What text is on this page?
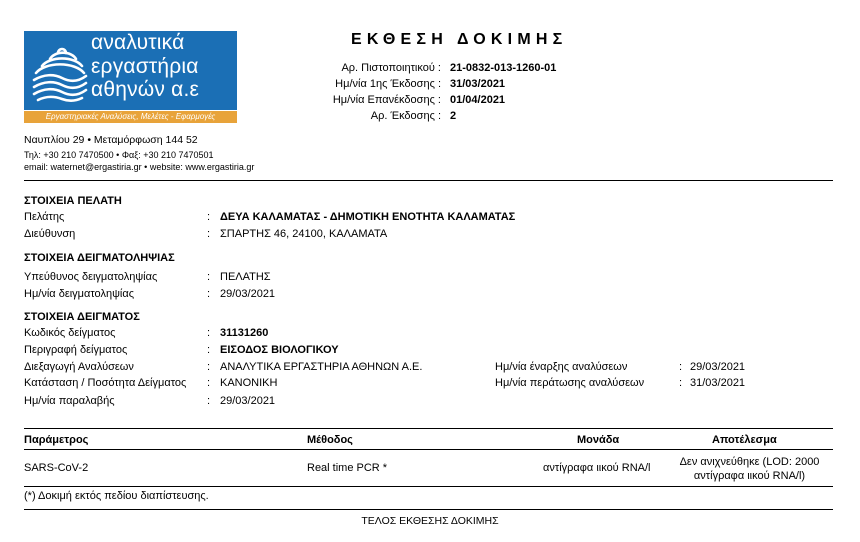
αναλυτικά
εργαστήρια
αθηνών α.ε
Εργαστηριακές Αναλύσεις, Μελέτες - Εφαρμογές
Ναυπλίου 29 • Μεταμόρφωση 144 52
Τηλ: +30 210 7470500 • Φαξ: +30 210 7470501
email: waternet@ergastiria.gr • website: www.ergastiria.gr
ΕΚΘΕΣΗ ΔΟΚΙΜΗΣ
Αρ. Πιστοποιητικού : 21-0832-013-1260-01
Ημ/νία 1ης Έκδοσης : 31/03/2021
Ημ/νία Επανέκδοσης : 01/04/2021
Αρ. Έκδοσης : 2
ΣΤΟΙΧΕΙΑ ΠΕΛΑΤΗ
Πελάτης	: ΔΕΥΑ ΚΑΛΑΜΑΤΑΣ - ΔΗΜΟΤΙΚΗ ΕΝΟΤΗΤΑ ΚΑΛΑΜΑΤΑΣ
Διεύθυνση	: ΣΠΑΡΤΗΣ 46, 24100, ΚΑΛΑΜΑΤΑ
ΣΤΟΙΧΕΙΑ ΔΕΙΓΜΑΤΟΛΗΨΙΑΣ
Υπεύθυνος δειγματοληψίας	: ΠΕΛΑΤΗΣ
Ημ/νία δειγματοληψίας	: 29/03/2021
ΣΤΟΙΧΕΙΑ ΔΕΙΓΜΑΤΟΣ
Κωδικός δείγματος	: 31131260
Περιγραφή δείγματος	: ΕΙΣΟΔΟΣ ΒΙΟΛΟΓΙΚΟΥ
Διεξαγωγή Αναλύσεων	: ΑΝΑΛΥΤΙΚΑ ΕΡΓΑΣΤΗΡΙΑ ΑΘΗΝΩΝ Α.Ε.
Κατάσταση / Ποσότητα Δείγματος : ΚΑΝΟΝΙΚΗ
Ημ/νία παραλαβής	: 29/03/2021
Ημ/νία έναρξης αναλύσεων	: 29/03/2021
Ημ/νία περάτωσης αναλύσεων	: 31/03/2021
Παράμετρος	Μέθοδος	Μονάδα	Αποτέλεσμα
SARS-CoV-2	Real time PCR *	αντίγραφα ιικού RNA/l	Δεν ανιχνεύθηκε (LOD: 2000
αντίγραφα ιικού RNA/l)
(*) Δοκιμή εκτός πεδίου διαπίστευσης.
ΤΕΛΟΣ ΕΚΘΕΣΗΣ ΔΟΚΙΜΗΣ
